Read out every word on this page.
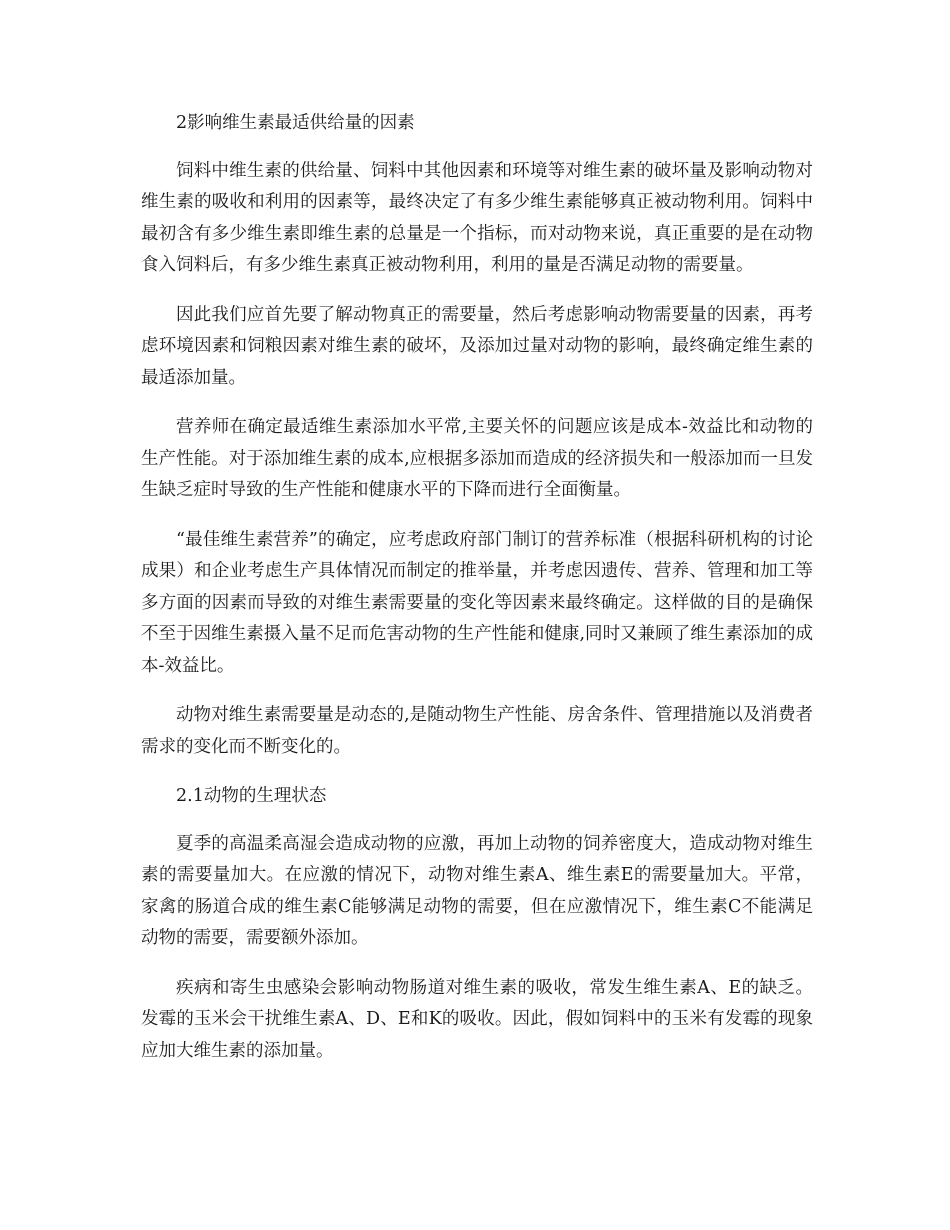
2影响维生素最适供给量的因素

饲料中维生素的供给量、饲料中其他因素和环境等对维生素的破坏量及影响动物对维生素的吸收和利用的因素等，最终决定了有多少维生素能够真正被动物利用。饲料中最初含有多少维生素即维生素的总量是一个指标，而对动物来说，真正重要的是在动物食入饲料后，有多少维生素真正被动物利用，利用的量是否满足动物的需要量。

因此我们应首先要了解动物真正的需要量，然后考虑影响动物需要量的因素，再考虑环境因素和饲粮因素对维生素的破坏，及添加过量对动物的影响，最终确定维生素的最适添加量。

营养师在确定最适维生素添加水平常,主要关怀的问题应该是成本-效益比和动物的生产性能。对于添加维生素的成本,应根据多添加而造成的经济损失和一般添加而一旦发生缺乏症时导致的生产性能和健康水平的下降而进行全面衡量。

“最佳维生素营养”的确定，应考虑政府部门制订的营养标准（根据科研机构的讨论成果）和企业考虑生产具体情况而制定的推举量，并考虑因遗传、营养、管理和加工等多方面的因素而导致的对维生素需要量的变化等因素来最终确定。这样做的目的是确保不至于因维生素摄入量不足而危害动物的生产性能和健康,同时又兼顾了维生素添加的成本-效益比。

动物对维生素需要量是动态的,是随动物生产性能、房舍条件、管理措施以及消费者需求的变化而不断变化的。

2.1动物的生理状态

夏季的高温柔高湿会造成动物的应激，再加上动物的饲养密度大，造成动物对维生素的需要量加大。在应激的情况下，动物对维生素A、维生素E的需要量加大。平常，家禽的肠道合成的维生素C能够满足动物的需要，但在应激情况下，维生素C不能满足动物的需要，需要额外添加。

疾病和寄生虫感染会影响动物肠道对维生素的吸收，常发生维生素A、E的缺乏。发霉的玉米会干扰维生素A、D、E和K的吸收。因此，假如饲料中的玉米有发霉的现象应加大维生素的添加量。
